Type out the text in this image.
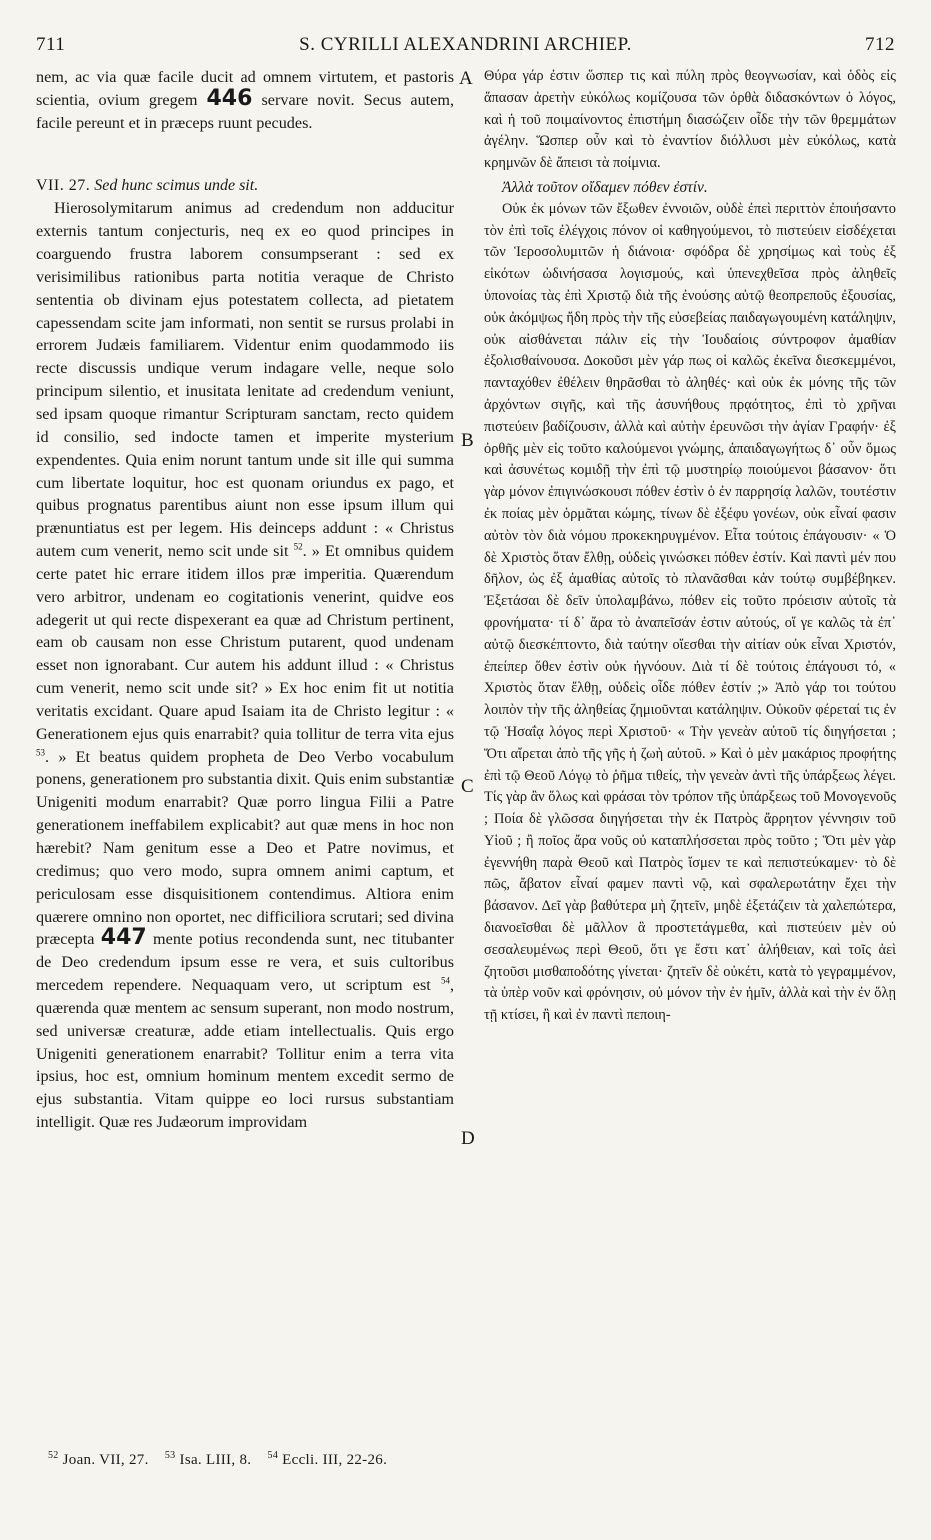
711	S. CYRILLI ALEXANDRINI ARCHIEP.	712

nem, ac via quæ facile ducit ad omnem virtutem, et pastoris scientia, ovium gregem 446 servare novit. Secus autem, facile pereunt et in præceps ruunt pecudes.

VII. 27. Sed hunc scimus unde sit.

Hierosolymitarum animus ad credendum non adducitur externis tantum conjecturis, neq ex eo quod principes in coarguendo frustra laborem consumpserant : sed ex verisimilibus rationibus parta notitia veraque de Christo sententia ob divinam ejus potestatem collecta, ad pietatem capessendam scite jam informati, non sentit se rursus prolabi in errorem Judæis familiarem. Videntur enim quodammodo iis recte discussis undique verum indagare velle, neque solo principum silentio, et inusitata lenitate ad credendum veniunt, sed ipsam quoque rimantur Scripturam sanctam, recto quidem id consilio, sed indocte tamen et imperite mysterium expendentes. Quia enim norunt tantum unde sit ille qui summa cum libertate loquitur, hoc est quonam oriundus ex pago, et quibus prognatus parentibus aiunt non esse ipsum illum qui prænuntiatus est per legem. His deinceps addunt : « Christus autem cum venerit, nemo scit unde sit $^{52}$. » Et omnibus quidem certe patet hic errare itidem illos præ imperitia. Quærendum vero arbitror, undenam eo cogitationis venerint, quidve eos adegerit ut qui recte dispexerant ea quæ ad Christum pertinent, eam ob causam non esse Christum putarent, quod undenam esset non ignorabant. Cur autem his addunt illud : « Christus cum venerit, nemo scit unde sit? » Ex hoc enim fit ut notitia veritatis excidant. Quare apud Isaiam ita de Christo legitur : « Generationem ejus quis enarrabit? quia tollitur de terra vita ejus $^{53}$. » Et beatus quidem propheta de Deo Verbo vocabulum ponens, generationem pro substantia dixit. Quis enim substantiæ Unigeniti modum enarrabit? Quæ porro lingua Filii a Patre generationem ineffabilem explicabit? aut quæ mens in hoc non hærebit? Nam genitum esse a Deo et Patre novimus, et credimus; quo vero modo, supra omnem animi captum, et periculosam esse disquisitionem contendimus. Altiora enim quærere omnino non oportet, nec difficiliora scrutari; sed divina præcepta 447 mente potius recondenda sunt, nec titubanter de Deo credendum ipsum esse re vera, et suis cultoribus mercedem rependere. Nequaquam vero, ut scriptum est $^{54}$, quærenda quæ mentem ac sensum superant, non modo nostrum, sed universæ creaturæ, adde etiam intellectualis. Quis ergo Unigeniti generationem enarrabit? Tollitur enim a terra vita ipsius, hoc est, omnium hominum mentem excedit sermo de ejus substantia. Vitam quippe eo loci rursus substantiam intelligit. Quæ res Judæorum improvidam

A
B
C
D

Θύρα γάρ ἐστιν ὥσπερ τις καὶ πύλη πρὸς θεογνωσίαν, καὶ ὁδὸς εἰς ἅπασαν ἀρετὴν εὐκόλως κομίζουσα τῶν ὀρθὰ διδασκόντων ὁ λόγος, καὶ ἡ τοῦ ποιμαίνοντος ἐπιστήμη διασώζειν οἶδε τὴν τῶν θρεμμάτων ἀγέλην. Ὥσπερ οὖν καὶ τὸ ἐναντίον διόλλυσι μὲν εὐκόλως, κατὰ κρημνῶν δὲ ἄπεισι τὰ ποίμνια.

Ἀλλὰ τοῦτον οἴδαμεν πόθεν ἐστίν.

Οὐκ ἐκ μόνων τῶν ἔξωθεν ἐννοιῶν, οὐδὲ ἐπεὶ περιττὸν ἐποιήσαντο τὸν ἐπὶ τοῖς ἐλέγχοις πόνον οἱ καθηγούμενοι, τὸ πιστεύειν εἰσδέχεται τῶν Ἱεροσολυμιτῶν ἡ διάνοια· σφόδρα δὲ χρησίμως καὶ τοὺς ἐξ εἰκότων ὠδινήσασα λογισμούς, καὶ ὑπενεχθεῖσα πρὸς ἀληθεῖς ὑπονοίας τὰς ἐπὶ Χριστῷ διὰ τῆς ἐνούσης αὐτῷ θεοπρεποῦς ἐξουσίας, οὐκ ἀκόμψως ἤδη πρὸς τὴν τῆς εὐσεβείας παιδαγωγουμένη κατάληψιν, οὐκ αἰσθάνεται πάλιν εἰς τὴν Ἰουδαίοις σύντροφον ἀμαθίαν ἐξολισθαίνουσα. Δοκοῦσι μὲν γάρ πως οἱ καλῶς ἐκεῖνα διεσκεμμένοι, πανταχόθεν ἐθέλειν θηρᾶσθαι τὸ ἀληθές· καὶ οὐκ ἐκ μόνης τῆς τῶν ἀρχόντων σιγῆς, καὶ τῆς ἀσυνήθους πρᾳότητος, ἐπὶ τὸ χρῆναι πιστεύειν βαδίζουσιν, ἀλλὰ καὶ αὐτὴν ἐρευνῶσι τὴν ἁγίαν Γραφήν· ἐξ ὀρθῆς μὲν εἰς τοῦτο καλούμενοι γνώμης, ἀπαιδαγωγήτως δ᾽ οὖν ὅμως καὶ ἀσυνέτως κομιδῇ τὴν ἐπὶ τῷ μυστηρίῳ ποιούμενοι βάσανον· ὅτι γὰρ μόνον ἐπιγινώσκουσι πόθεν ἐστὶν ὁ ἐν παρρησίᾳ λαλῶν, τουτέστιν ἐκ ποίας μὲν ὁρμᾶται κώμης, τίνων δὲ ἐξέφυ γονέων, οὐκ εἶναί φασιν αὐτὸν τὸν διὰ νόμου προκεκηρυγμένον. Εἶτα τούτοις ἐπάγουσιν· « Ὁ δὲ Χριστὸς ὅταν ἔλθῃ, οὐδεὶς γινώσκει πόθεν ἐστίν. Καὶ παντὶ μέν που δῆλον, ὡς ἐξ ἀμαθίας αὐτοῖς τὸ πλανᾶσθαι κἀν τούτῳ συμβέβηκεν. Ἐξετάσαι δὲ δεῖν ὑπολαμβάνω, πόθεν εἰς τοῦτο πρόεισιν αὐτοῖς τὰ φρονήματα· τί δ᾽ ἄρα τὸ ἀναπεῖσάν ἐστιν αὐτούς, οἵ γε καλῶς τὰ ἐπ᾽ αὐτῷ διεσκέπτοντο, διὰ ταύτην οἴεσθαι τὴν αἰτίαν οὐκ εἶναι Χριστόν, ἐπείπερ ὅθεν ἐστὶν οὐκ ἠγνόουν. Διὰ τί δὲ τούτοις ἐπάγουσι τό, « Χριστὸς ὅταν ἔλθῃ, οὐδεὶς οἶδε πόθεν ἐστίν ;» Ἀπὸ γάρ τοι τούτου λοιπὸν τὴν τῆς ἀληθείας ζημιοῦνται κατάληψιν. Οὐκοῦν φέρεταί τις ἐν τῷ Ἡσαΐᾳ λόγος περὶ Χριστοῦ· « Τὴν γενεὰν αὐτοῦ τίς διηγήσεται ; Ὅτι αἴρεται ἀπὸ τῆς γῆς ἡ ζωὴ αὐτοῦ. » Καὶ ὁ μὲν μακάριος προφήτης ἐπὶ τῷ Θεοῦ Λόγῳ τὸ ῥῆμα τιθείς, τὴν γενεὰν ἀντὶ τῆς ὑπάρξεως λέγει. Τίς γὰρ ἂν ὅλως καὶ φράσαι τὸν τρόπον τῆς ὑπάρξεως τοῦ Μονογενοῦς ; Ποία δὲ γλῶσσα διηγήσεται τὴν ἐκ Πατρὸς ἄρρητον γέννησιν τοῦ Υἱοῦ ; ἢ ποῖος ἄρα νοῦς οὐ καταπλήσσεται πρὸς τοῦτο ; Ὅτι μὲν γὰρ ἐγεννήθη παρὰ Θεοῦ καὶ Πατρὸς ἴσμεν τε καὶ πεπιστεύκαμεν· τὸ δὲ πῶς, ἄβατον εἶναί φαμεν παντὶ νῷ, καὶ σφαλερωτάτην ἔχει τὴν βάσανον. Δεῖ γὰρ βαθύτερα μὴ ζητεῖν, μηδὲ ἐξετάζειν τὰ χαλεπώτερα, διανοεῖσθαι δὲ μᾶλλον ἃ προστετάγμεθα, καὶ πιστεύειν μὲν οὐ σεσαλευμένως περὶ Θεοῦ, ὅτι γε ἔστι κατ᾽ ἀλήθειαν, καὶ τοῖς ἀεὶ ζητοῦσι μισθαποδότης γίνεται· ζητεῖν δὲ οὐκέτι, κατὰ τὸ γεγραμμένον, τὰ ὑπὲρ νοῦν καὶ φρόνησιν, οὐ μόνον τὴν ἐν ἡμῖν, ἀλλὰ καὶ τὴν ἐν ὅλῃ τῇ κτίσει, ἢ καὶ ἐν παντὶ πεποιη-

$^{52}$ Joan. VII, 27. $^{53}$ Isa. LIII, 8. $^{54}$ Eccli. III, 22-26.
